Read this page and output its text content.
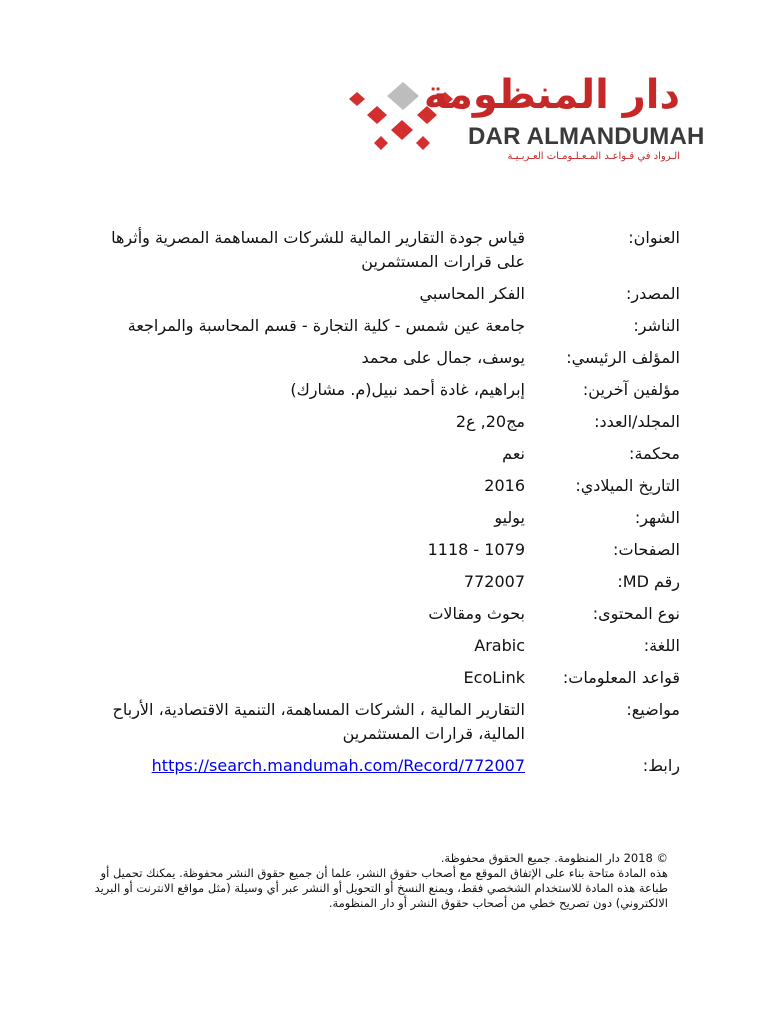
دار المنظومة
DAR ALMANDUMAH
الـرواد في قـواعـد المـعـلـومـات العـربـيـة
العنوان:
قياس جودة التقارير المالية للشركات المساهمة المصرية وأثرها على قرارات المستثمرين
المصدر:
الفكر المحاسبي
الناشر:
جامعة عين شمس - كلية التجارة - قسم المحاسبة والمراجعة
المؤلف الرئيسي:
يوسف، جمال على محمد
مؤلفين آخرين:
إبراهيم، غادة أحمد نبيل(م. مشارك)
المجلد/العدد:
مج20, ع2
محكمة:
نعم
التاريخ الميلادي:
2016
الشهر:
يوليو
الصفحات:
1079 - 1118
رقم MD:
772007
نوع المحتوى:
بحوث ومقالات
اللغة:
Arabic
قواعد المعلومات:
EcoLink
مواضيع:
التقارير المالية ، الشركات المساهمة، التنمية الاقتصادية، الأرباح المالية، قرارات المستثمرين
رابط:
https://search.mandumah.com/Record/772007

© 2018 دار المنظومة. جميع الحقوق محفوظة.

هذه المادة متاحة بناء على الإتفاق الموقع مع أصحاب حقوق النشر، علما أن جميع حقوق النشر محفوظة. يمكنك تحميل أو طباعة هذه المادة للاستخدام الشخصي فقط، ويمنع النسخ أو التحويل أو النشر عبر أي وسيلة (مثل مواقع الانترنت أو البريد الالكتروني) دون تصريح خطي من أصحاب حقوق النشر أو دار المنظومة.
